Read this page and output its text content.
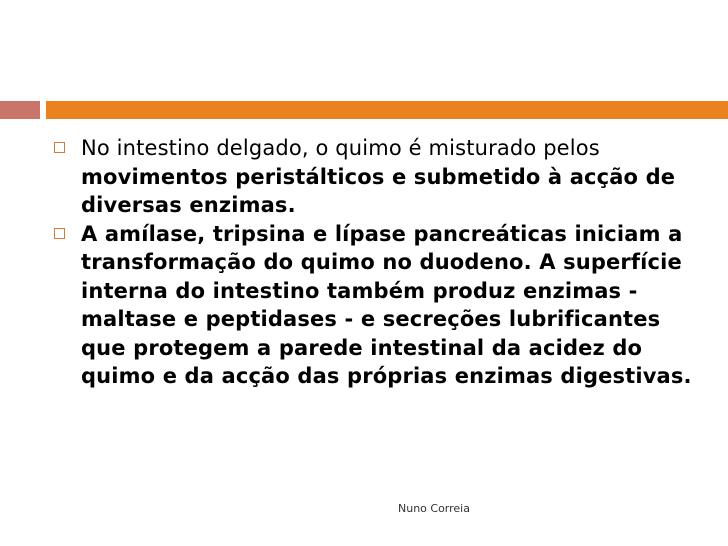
No intestino delgado, o quimo é misturado pelos movimentos peristálticos e submetido à acção de diversas enzimas.
A amílase, tripsina e lípase pancreáticas iniciam a transformação do quimo no duodeno. A superfície interna do intestino também produz enzimas - maltase e peptidases - e secreções lubrificantes que protegem a parede intestinal da acidez do quimo e da acção das próprias enzimas digestivas.
Nuno Correia
